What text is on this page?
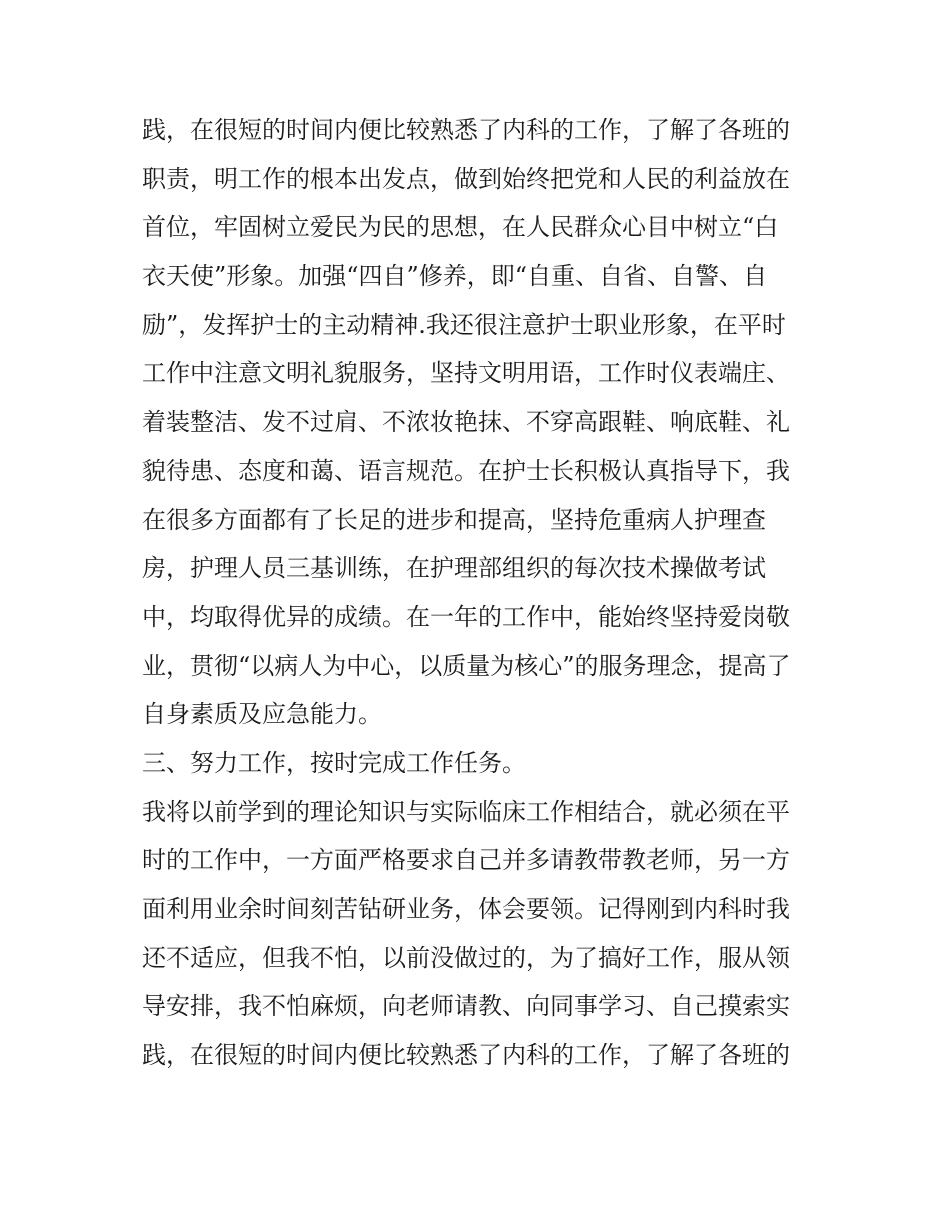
践，在很短的时间内便比较熟悉了内科的工作，了解了各班的
职责，明工作的根本出发点，做到始终把党和人民的利益放在
首位，牢固树立爱民为民的思想，在人民群众心目中树立“白
衣天使”形象。加强“四自”修养，即“自重、自省、自警、自
励”，发挥护士的主动精神.我还很注意护士职业形象，在平时
工作中注意文明礼貌服务，坚持文明用语，工作时仪表端庄、
着装整洁、发不过肩、不浓妆艳抹、不穿高跟鞋、响底鞋、礼
貌待患、态度和蔼、语言规范。在护士长积极认真指导下，我
在很多方面都有了长足的进步和提高，坚持危重病人护理查
房，护理人员三基训练，在护理部组织的每次技术操做考试
中，均取得优异的成绩。在一年的工作中，能始终坚持爱岗敬
业，贯彻“以病人为中心，以质量为核心”的服务理念，提高了
自身素质及应急能力。
三、努力工作，按时完成工作任务。
我将以前学到的理论知识与实际临床工作相结合，就必须在平
时的工作中，一方面严格要求自己并多请教带教老师，另一方
面利用业余时间刻苦钻研业务，体会要领。记得刚到内科时我
还不适应，但我不怕，以前没做过的，为了搞好工作，服从领
导安排，我不怕麻烦，向老师请教、向同事学习、自己摸索实
践，在很短的时间内便比较熟悉了内科的工作，了解了各班的
